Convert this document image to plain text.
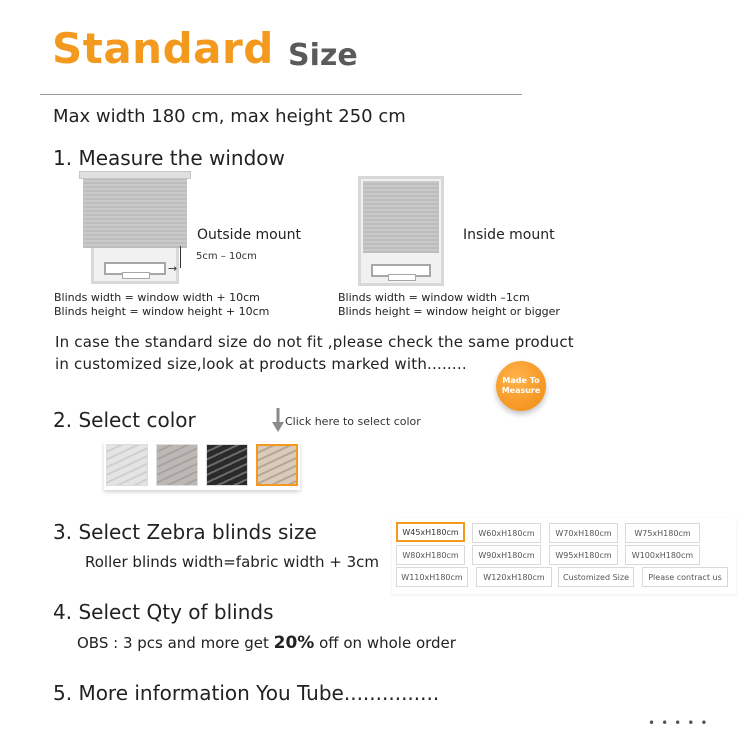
Standard Size
Max width 180 cm, max height 250 cm
1. Measure the window
→
5cm – 10cm
Outside mount
Blinds width = window width + 10cm
Blinds height = window height + 10cm
Inside mount
Blinds width = window width –1cm
Blinds height = window height or bigger
In case the standard size do not fit ,please check the same product
in customized size,look at products marked with........
Made To
Measure
2. Select color	Click here to select color
3. Select Zebra blinds size
Roller blinds width=fabric width + 3cm
W45xH180cm	W60xH180cm	W70xH180cm	W75xH180cm
W80xH180cm	W90xH180cm	W95xH180cm	W100xH180cm
W110xH180cm	W120xH180cm	Customized Size	Please contract us
4. Select Qty of blinds
OBS : 3 pcs and more get 20% off on whole order
5. More information You Tube...............
•••••
